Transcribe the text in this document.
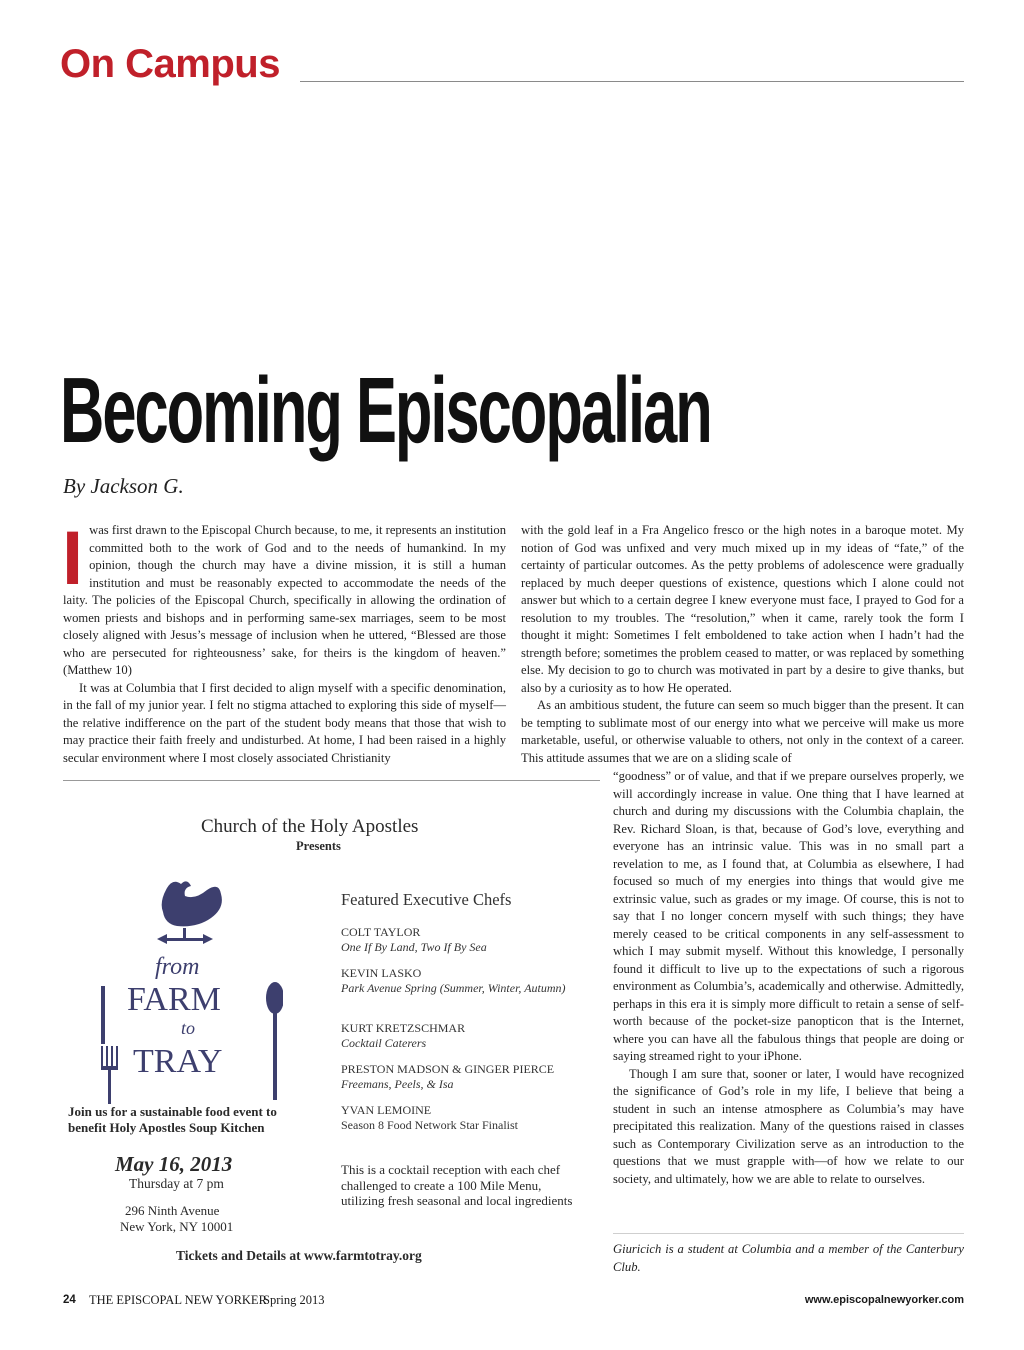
On Campus
Becoming Episcopalian
By Jackson G.

Iwas first drawn to the Episcopal Church because, to me, it represents an institution committed both to the work of God and to the needs of humankind. In my opinion, though the church may have a divine mission, it is still a human institution and must be reasonably expected to accommodate the needs of the laity. The policies of the Episcopal Church, specifically in allowing the ordination of women priests and bishops and in performing same-sex marriages, seem to be most closely aligned with Jesus’s message of inclusion when he uttered, “Blessed are those who are persecuted for righteousness’ sake, for theirs is the kingdom of heaven.” (Matthew 10)

It was at Columbia that I first decided to align myself with a specific denomination, in the fall of my junior year. I felt no stigma attached to exploring this side of myself—the relative indifference on the part of the student body means that those that wish to may practice their faith freely and undisturbed. At home, I had been raised in a highly secular environment where I most closely associated Christianity

with the gold leaf in a Fra Angelico fresco or the high notes in a baroque motet. My notion of God was unfixed and very much mixed up in my ideas of “fate,” of the certainty of particular outcomes. As the petty problems of adolescence were gradually replaced by much deeper questions of existence, questions which I alone could not answer but which to a certain degree I knew everyone must face, I prayed to God for a resolution to my troubles. The “resolution,” when it came, rarely took the form I thought it might: Sometimes I felt emboldened to take action when I hadn’t had the strength before; sometimes the problem ceased to matter, or was replaced by something else. My decision to go to church was motivated in part by a desire to give thanks, but also by a curiosity as to how He operated.

As an ambitious student, the future can seem so much bigger than the present. It can be tempting to sublimate most of our energy into what we perceive will make us more marketable, useful, or otherwise valuable to others, not only in the context of a career. This attitude assumes that we are on a sliding scale of

“goodness” or of value, and that if we prepare ourselves properly, we will accordingly increase in value. One thing that I have learned at church and during my discussions with the Columbia chaplain, the Rev. Richard Sloan, is that, because of God’s love, everything and everyone has an intrinsic value. This was in no small part a revelation to me, as I found that, at Columbia as elsewhere, I had focused so much of my energies into things that would give me extrinsic value, such as grades or my image. Of course, this is not to say that I no longer concern myself with such things; they have merely ceased to be critical components in any self-assessment to which I may submit myself. Without this knowledge, I personally found it difficult to live up to the expectations of such a rigorous environment as Columbia’s, academically and otherwise. Admittedly, perhaps in this era it is simply more difficult to retain a sense of self-worth because of the pocket-size panopticon that is the Internet, where you can have all the fabulous things that people are doing or saying streamed right to your iPhone.

Though I am sure that, sooner or later, I would have recognized the significance of God’s role in my life, I believe that being a student in such an intense atmosphere as Columbia’s may have precipitated this realization. Many of the questions raised in classes such as Contemporary Civilization serve as an introduction to the questions that we must grapple with—of how we relate to our society, and ultimately, how we are able to relate to ourselves.

Church of the Holy Apostles
Presents
from
FARM
to
TRAY
Featured Executive Chefs
COLT TAYLOR
One If By Land, Two If By Sea
KEVIN LASKO
Park Avenue Spring (Summer, Winter, Autumn)
KURT KRETZSCHMAR
Cocktail Caterers
PRESTON MADSON & GINGER PIERCE
Freemans, Peels, & Isa
YVAN LEMOINE
Season 8 Food Network Star Finalist
Join us for a sustainable food event to benefit Holy Apostles Soup Kitchen
May 16, 2013
Thursday at 7 pm
296 Ninth Avenue
New York, NY 10001
This is a cocktail reception with each chef challenged to create a 100 Mile Menu, utilizing fresh seasonal and local ingredients
Tickets and Details at www.farmtotray.org	Giuricich is a student at Columbia and a member of the Canterbury Club.
24 THE EPISCOPAL NEW YORKER
Spring 2013	www.episcopalnewyorker.com
